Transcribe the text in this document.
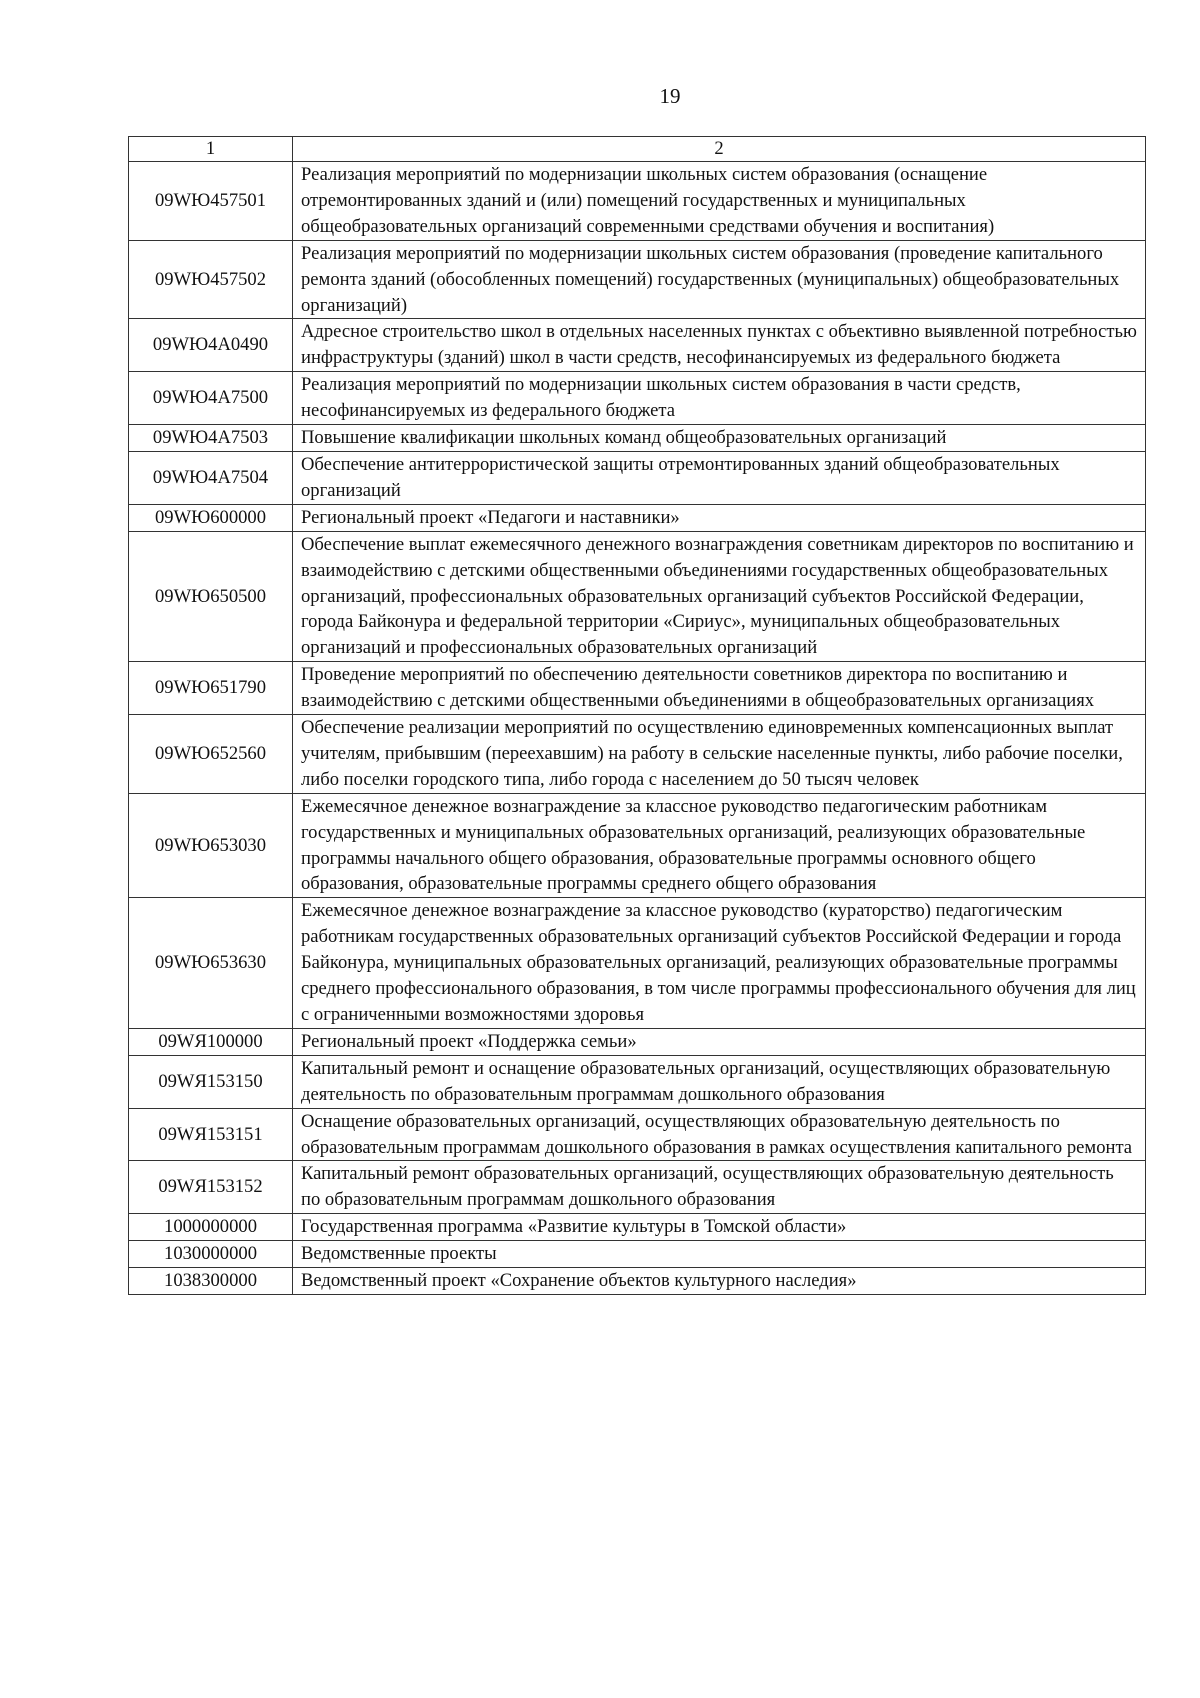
19
1	2
09WЮ457501	Реализация мероприятий по модернизации школьных систем образования (оснащение отремонтированных зданий и (или) помещений государственных и муниципальных общеобразовательных организаций современными средствами обучения и воспитания)
09WЮ457502	Реализация мероприятий по модернизации школьных систем образования (проведение капитального ремонта зданий (обособленных помещений) государственных (муниципальных) общеобразовательных организаций)
09WЮ4A0490	Адресное строительство школ в отдельных населенных пунктах с объективно выявленной потребностью инфраструктуры (зданий) школ в части средств, несофинансируемых из федерального бюджета
09WЮ4A7500	Реализация мероприятий по модернизации школьных систем образования в части средств, несофинансируемых из федерального бюджета
09WЮ4A7503	Повышение квалификации школьных команд общеобразовательных организаций
09WЮ4A7504	Обеспечение антитеррористической защиты отремонтированных зданий общеобразовательных организаций
09WЮ600000	Региональный проект «Педагоги и наставники»
09WЮ650500	Обеспечение выплат ежемесячного денежного вознаграждения советникам директоров по воспитанию и взаимодействию с детскими общественными объединениями государственных общеобразовательных организаций, профессиональных образовательных организаций субъектов Российской Федерации, города Байконура и федеральной территории «Сириус», муниципальных общеобразовательных организаций и профессиональных образовательных организаций
09WЮ651790	Проведение мероприятий по обеспечению деятельности советников директора по воспитанию и взаимодействию с детскими общественными объединениями в общеобразовательных организациях
09WЮ652560	Обеспечение реализации мероприятий по осуществлению единовременных компенсационных выплат учителям, прибывшим (переехавшим) на работу в сельские населенные пункты, либо рабочие поселки, либо поселки городского типа, либо города с населением до 50 тысяч человек
09WЮ653030	Ежемесячное денежное вознаграждение за классное руководство педагогическим работникам государственных и муниципальных образовательных организаций, реализующих образовательные программы начального общего образования, образовательные программы основного общего образования, образовательные программы среднего общего образования
09WЮ653630	Ежемесячное денежное вознаграждение за классное руководство (кураторство) педагогическим работникам государственных образовательных организаций субъектов Российской Федерации и города Байконура, муниципальных образовательных организаций, реализующих образовательные программы среднего профессионального образования, в том числе программы профессионального обучения для лиц с ограниченными возможностями здоровья
09WЯ100000	Региональный проект «Поддержка семьи»
09WЯ153150	Капитальный ремонт и оснащение образовательных организаций, осуществляющих образовательную деятельность по образовательным программам дошкольного образования
09WЯ153151	Оснащение образовательных организаций, осуществляющих образовательную деятельность по образовательным программам дошкольного образования в рамках осуществления капитального ремонта
09WЯ153152	Капитальный ремонт образовательных организаций, осуществляющих образовательную деятельность по образовательным программам дошкольного образования
1000000000	Государственная программа «Развитие культуры в Томской области»
1030000000	Ведомственные проекты
1038300000	Ведомственный проект «Сохранение объектов культурного наследия»
